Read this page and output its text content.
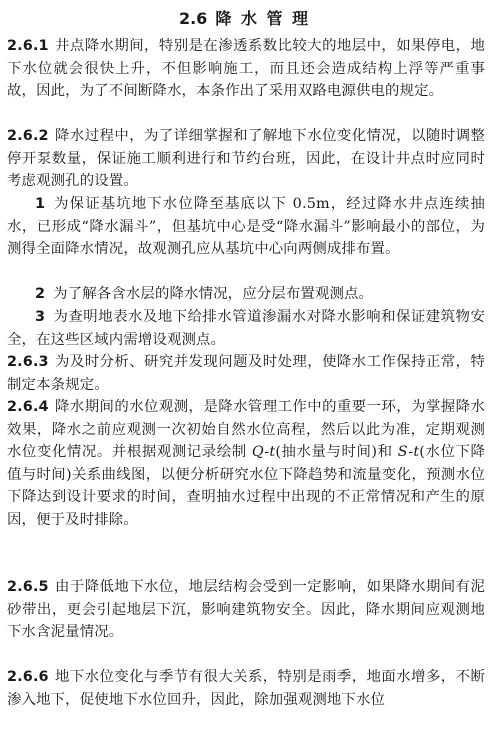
2.6 降 水 管 理
2.6.1 井点降水期间，特别是在渗透系数比较大的地层中，如果停电，地下水位就会很快上升，不但影响施工，而且还会造成结构上浮等严重事故，因此，为了不间断降水，本条作出了采用双路电源供电的规定。
2.6.2 降水过程中，为了详细掌握和了解地下水位变化情况，以随时调整停开泵数量，保证施工顺利进行和节约台班，因此，在设计井点时应同时考虑观测孔的设置。
1 为保证基坑地下水位降至基底以下 0.5m，经过降水井点连续抽水，已形成“降水漏斗”，但基坑中心是受“降水漏斗”影响最小的部位，为测得全面降水情况，故观测孔应从基坑中心向两侧成排布置。
2 为了解各含水层的降水情况，应分层布置观测点。
3 为查明地表水及地下给排水管道渗漏水对降水影响和保证建筑物安全，在这些区域内需增设观测点。
2.6.3 为及时分析、研究并发现问题及时处理，使降水工作保持正常，特制定本条规定。
2.6.4 降水期间的水位观测，是降水管理工作中的重要一环，为掌握降水效果，降水之前应观测一次初始自然水位高程，然后以此为准，定期观测水位变化情况。并根据观测记录绘制 Q-t(抽水量与时间)和 S-t(水位下降值与时间)关系曲线图，以便分析研究水位下降趋势和流量变化，预测水位下降达到设计要求的时间，查明抽水过程中出现的不正常情况和产生的原因，便于及时排除。
2.6.5 由于降低地下水位，地层结构会受到一定影响，如果降水期间有泥砂带出，更会引起地层下沉，影响建筑物安全。因此，降水期间应观测地下水含泥量情况。
2.6.6 地下水位变化与季节有很大关系，特别是雨季，地面水增多，不断渗入地下，促使地下水位回升，因此，除加强观测地下水位
